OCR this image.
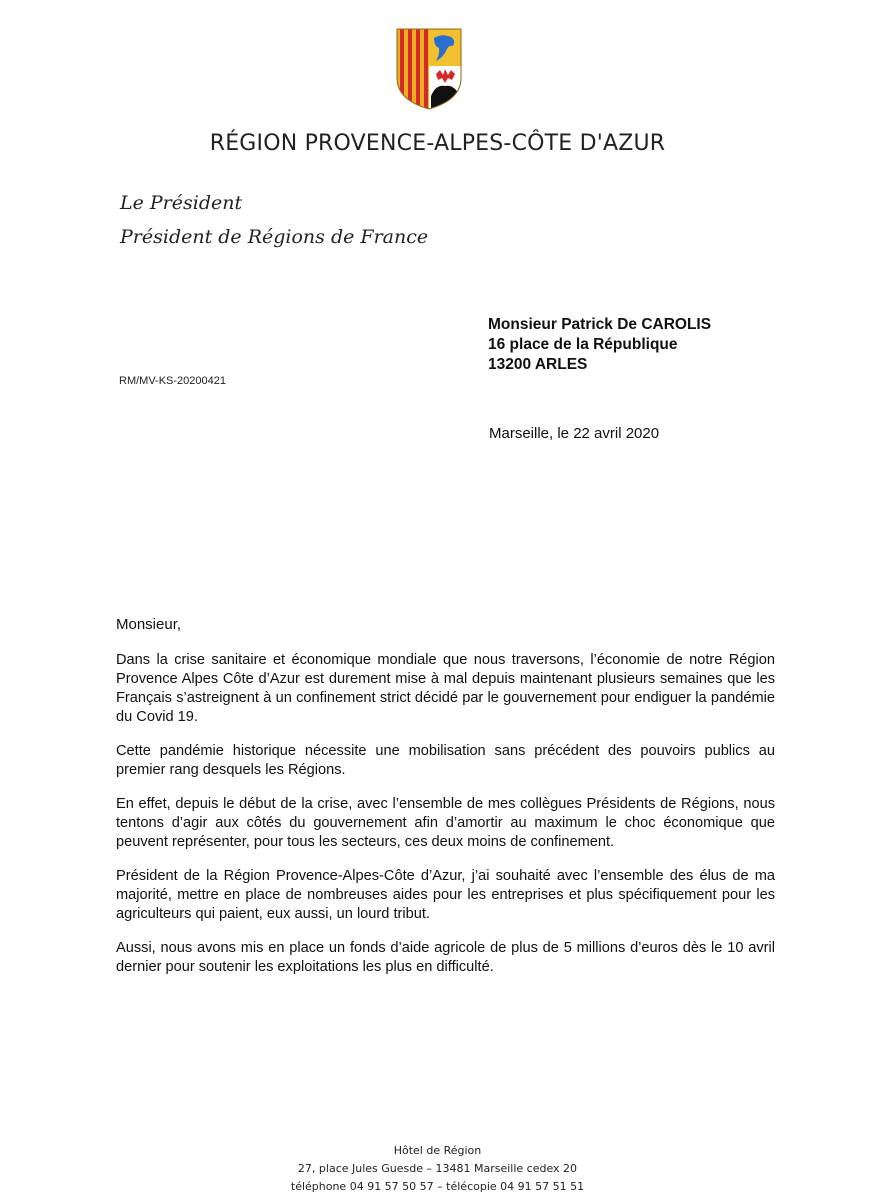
RÉGION PROVENCE-ALPES-CÔTE D'AZUR
Le Président
Président de Régions de France
Monsieur Patrick De CAROLIS
16 place de la République
13200 ARLES
RM/MV-KS-20200421
Marseille, le 22 avril 2020
Monsieur,

Dans la crise sanitaire et économique mondiale que nous traversons, l’économie de notre Région Provence Alpes Côte d’Azur est durement mise à mal depuis maintenant plusieurs semaines que les Français s’astreignent à un confinement strict décidé par le gouvernement pour endiguer la pandémie du Covid 19.

Cette pandémie historique nécessite une mobilisation sans précédent des pouvoirs publics au premier rang desquels les Régions.

En effet, depuis le début de la crise, avec l’ensemble de mes collègues Présidents de Régions, nous tentons d’agir aux côtés du gouvernement afin d’amortir au maximum le choc économique que peuvent représenter, pour tous les secteurs, ces deux moins de confinement.

Président de la Région Provence-Alpes-Côte d’Azur, j’ai souhaité avec l’ensemble des élus de ma majorité, mettre en place de nombreuses aides pour les entreprises et plus spécifiquement pour les agriculteurs qui paient, eux aussi, un lourd tribut.

Aussi, nous avons mis en place un fonds d’aide agricole de plus de 5 millions d’euros dès le 10 avril dernier pour soutenir les exploitations les plus en difficulté.

Hôtel de Région
27, place Jules Guesde – 13481 Marseille cedex 20
téléphone 04 91 57 50 57 – télécopie 04 91 57 51 51
